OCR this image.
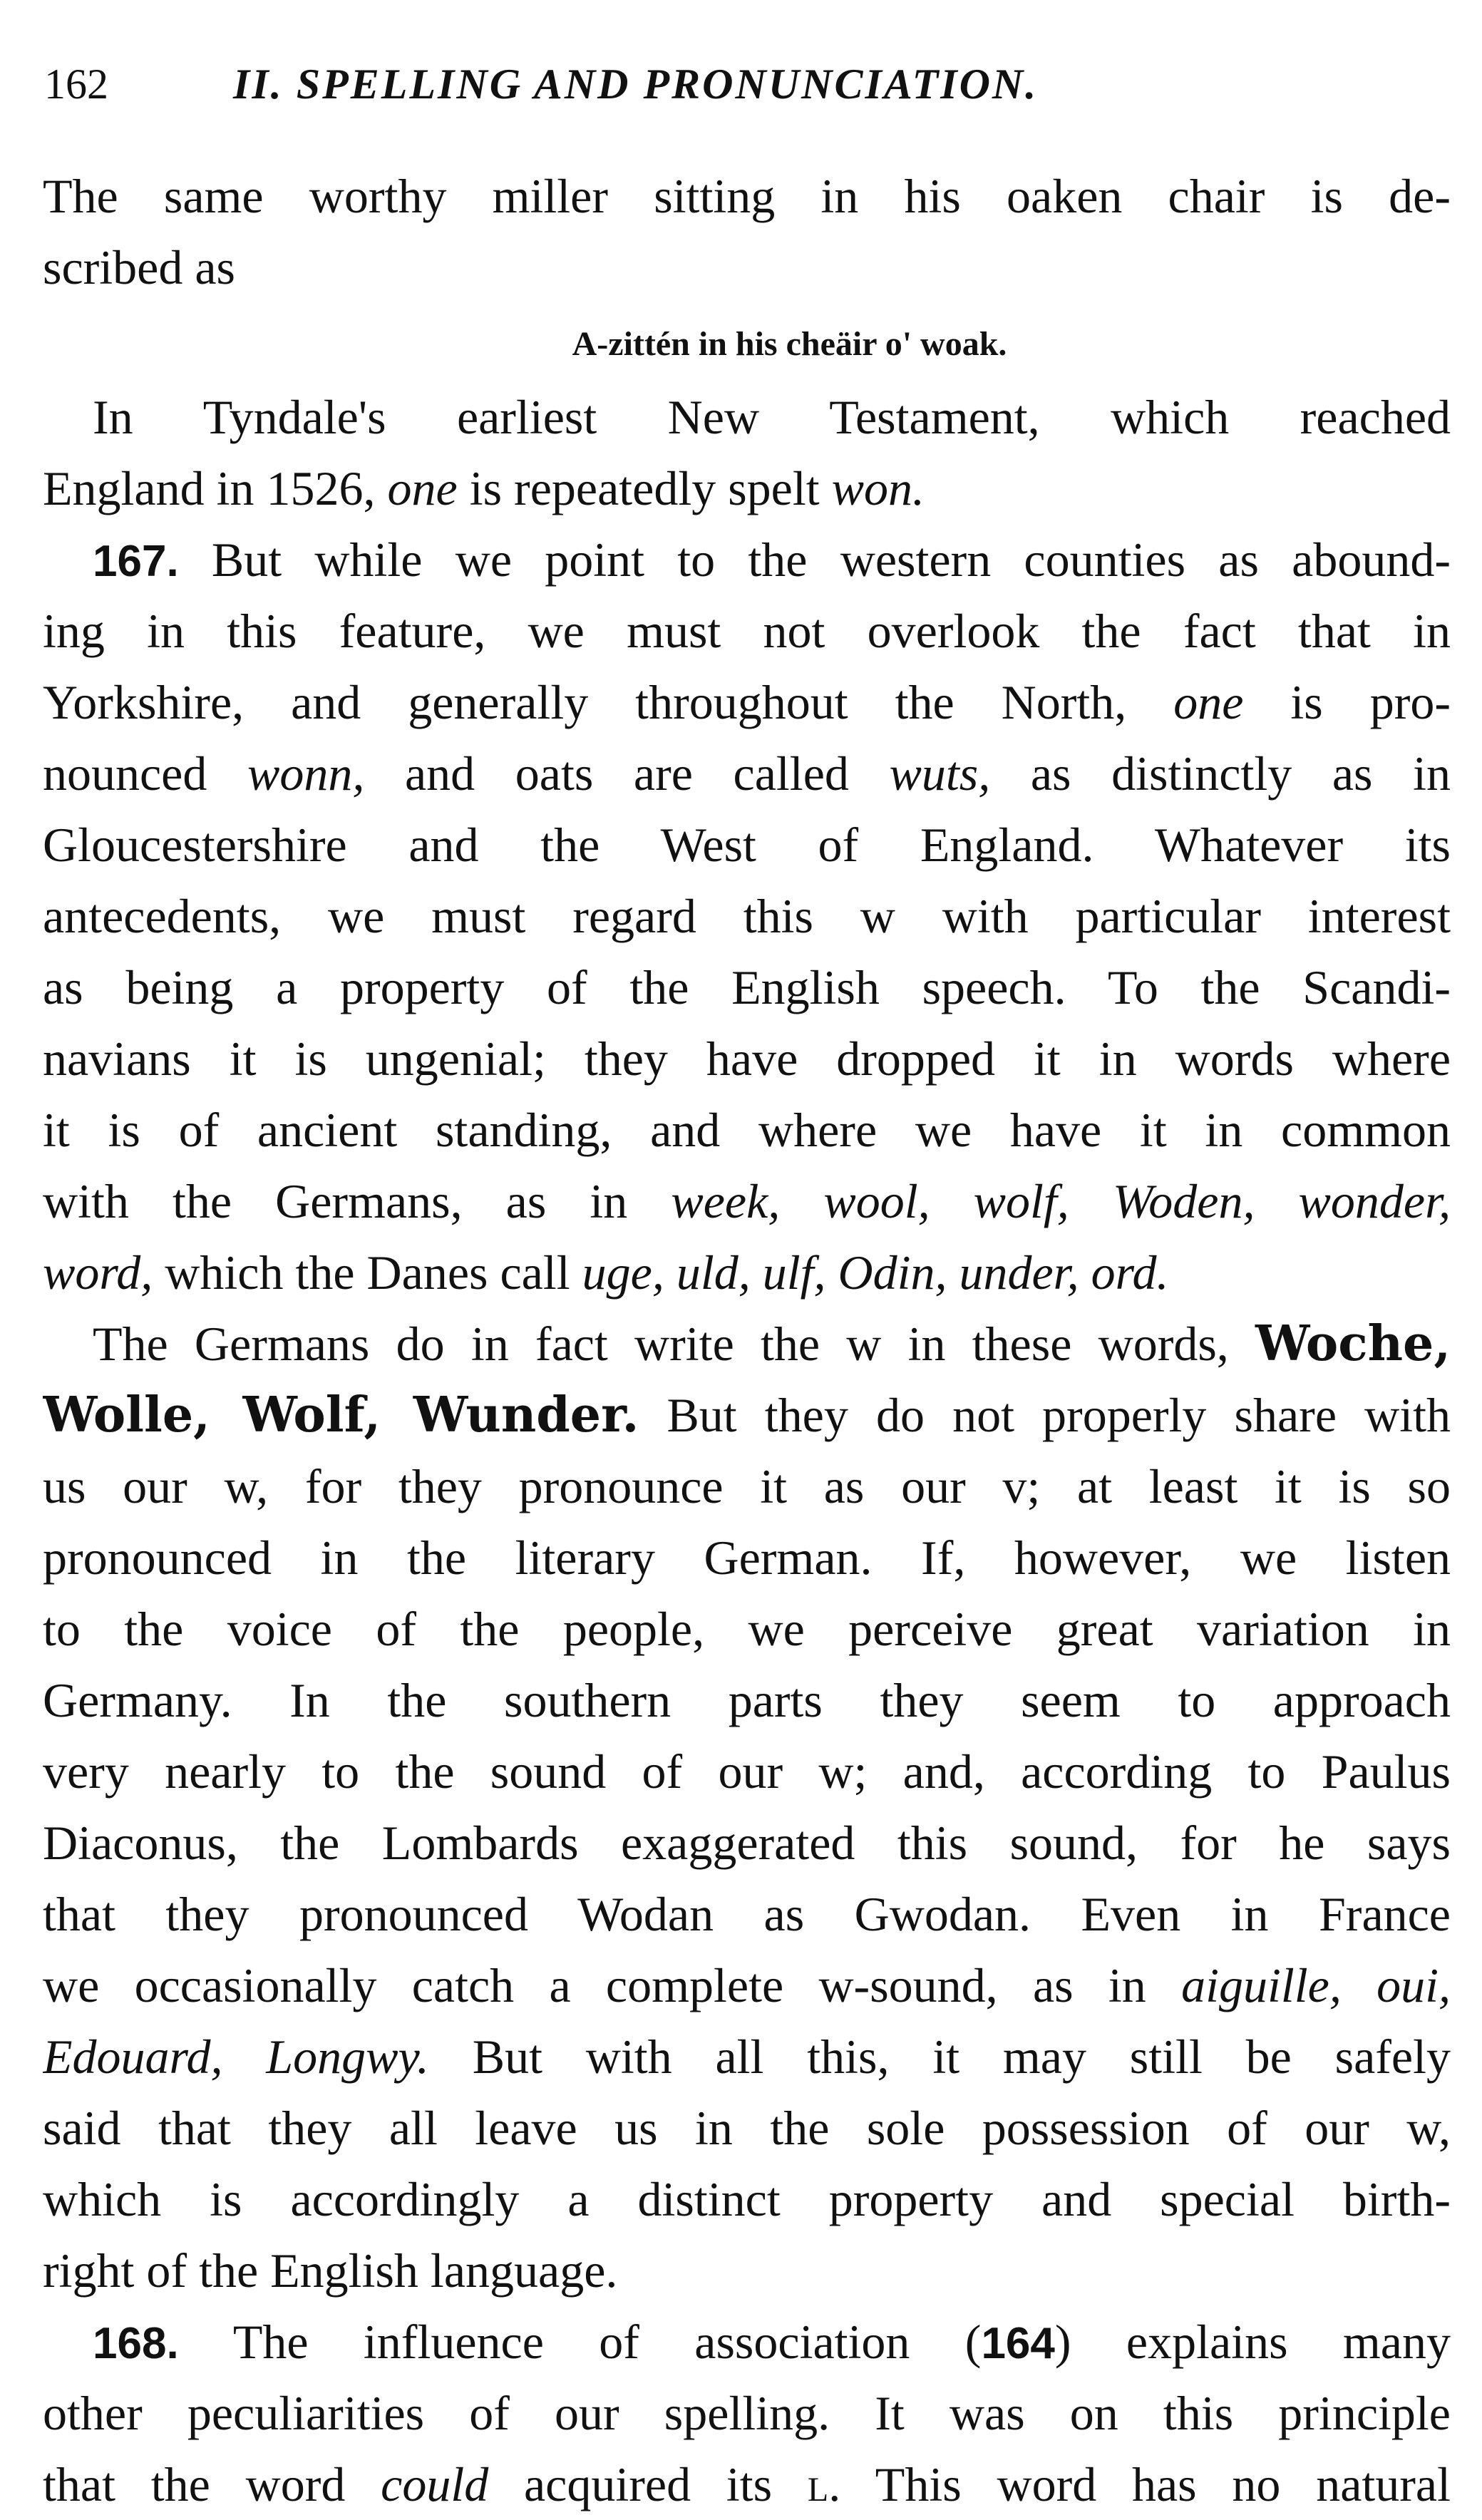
162	II. SPELLING AND PRONUNCIATION.
The same worthy miller sitting in his oaken chair is de-
scribed as
A-zittén in his cheäir o' woak.
In Tyndale's earliest New Testament, which reached
England in 1526, one is repeatedly spelt won.
167. But while we point to the western counties as abound-
ing in this feature, we must not overlook the fact that in
Yorkshire, and generally throughout the North, one is pro-
nounced wonn, and oats are called wuts, as distinctly as in
Gloucestershire and the West of England. Whatever its
antecedents, we must regard this w with particular interest
as being a property of the English speech. To the Scandi-
navians it is ungenial; they have dropped it in words where
it is of ancient standing, and where we have it in common
with the Germans, as in week, wool, wolf, Woden, wonder,
word, which the Danes call uge, uld, ulf, Odin, under, ord.
The Germans do in fact write the w in these words, Woche,
Wolle, Wolf, Wunder. But they do not properly share with
us our w, for they pronounce it as our v; at least it is so
pronounced in the literary German. If, however, we listen
to the voice of the people, we perceive great variation in
Germany. In the southern parts they seem to approach
very nearly to the sound of our w; and, according to Paulus
Diaconus, the Lombards exaggerated this sound, for he says
that they pronounced Wodan as Gwodan. Even in France
we occasionally catch a complete w-sound, as in aiguille, oui,
Edouard, Longwy. But with all this, it may still be safely
said that they all leave us in the sole possession of our w,
which is accordingly a distinct property and special birth-
right of the English language.
168. The influence of association (164) explains many
other peculiarities of our spelling. It was on this principle
that the word could acquired its l. This word has no natural
